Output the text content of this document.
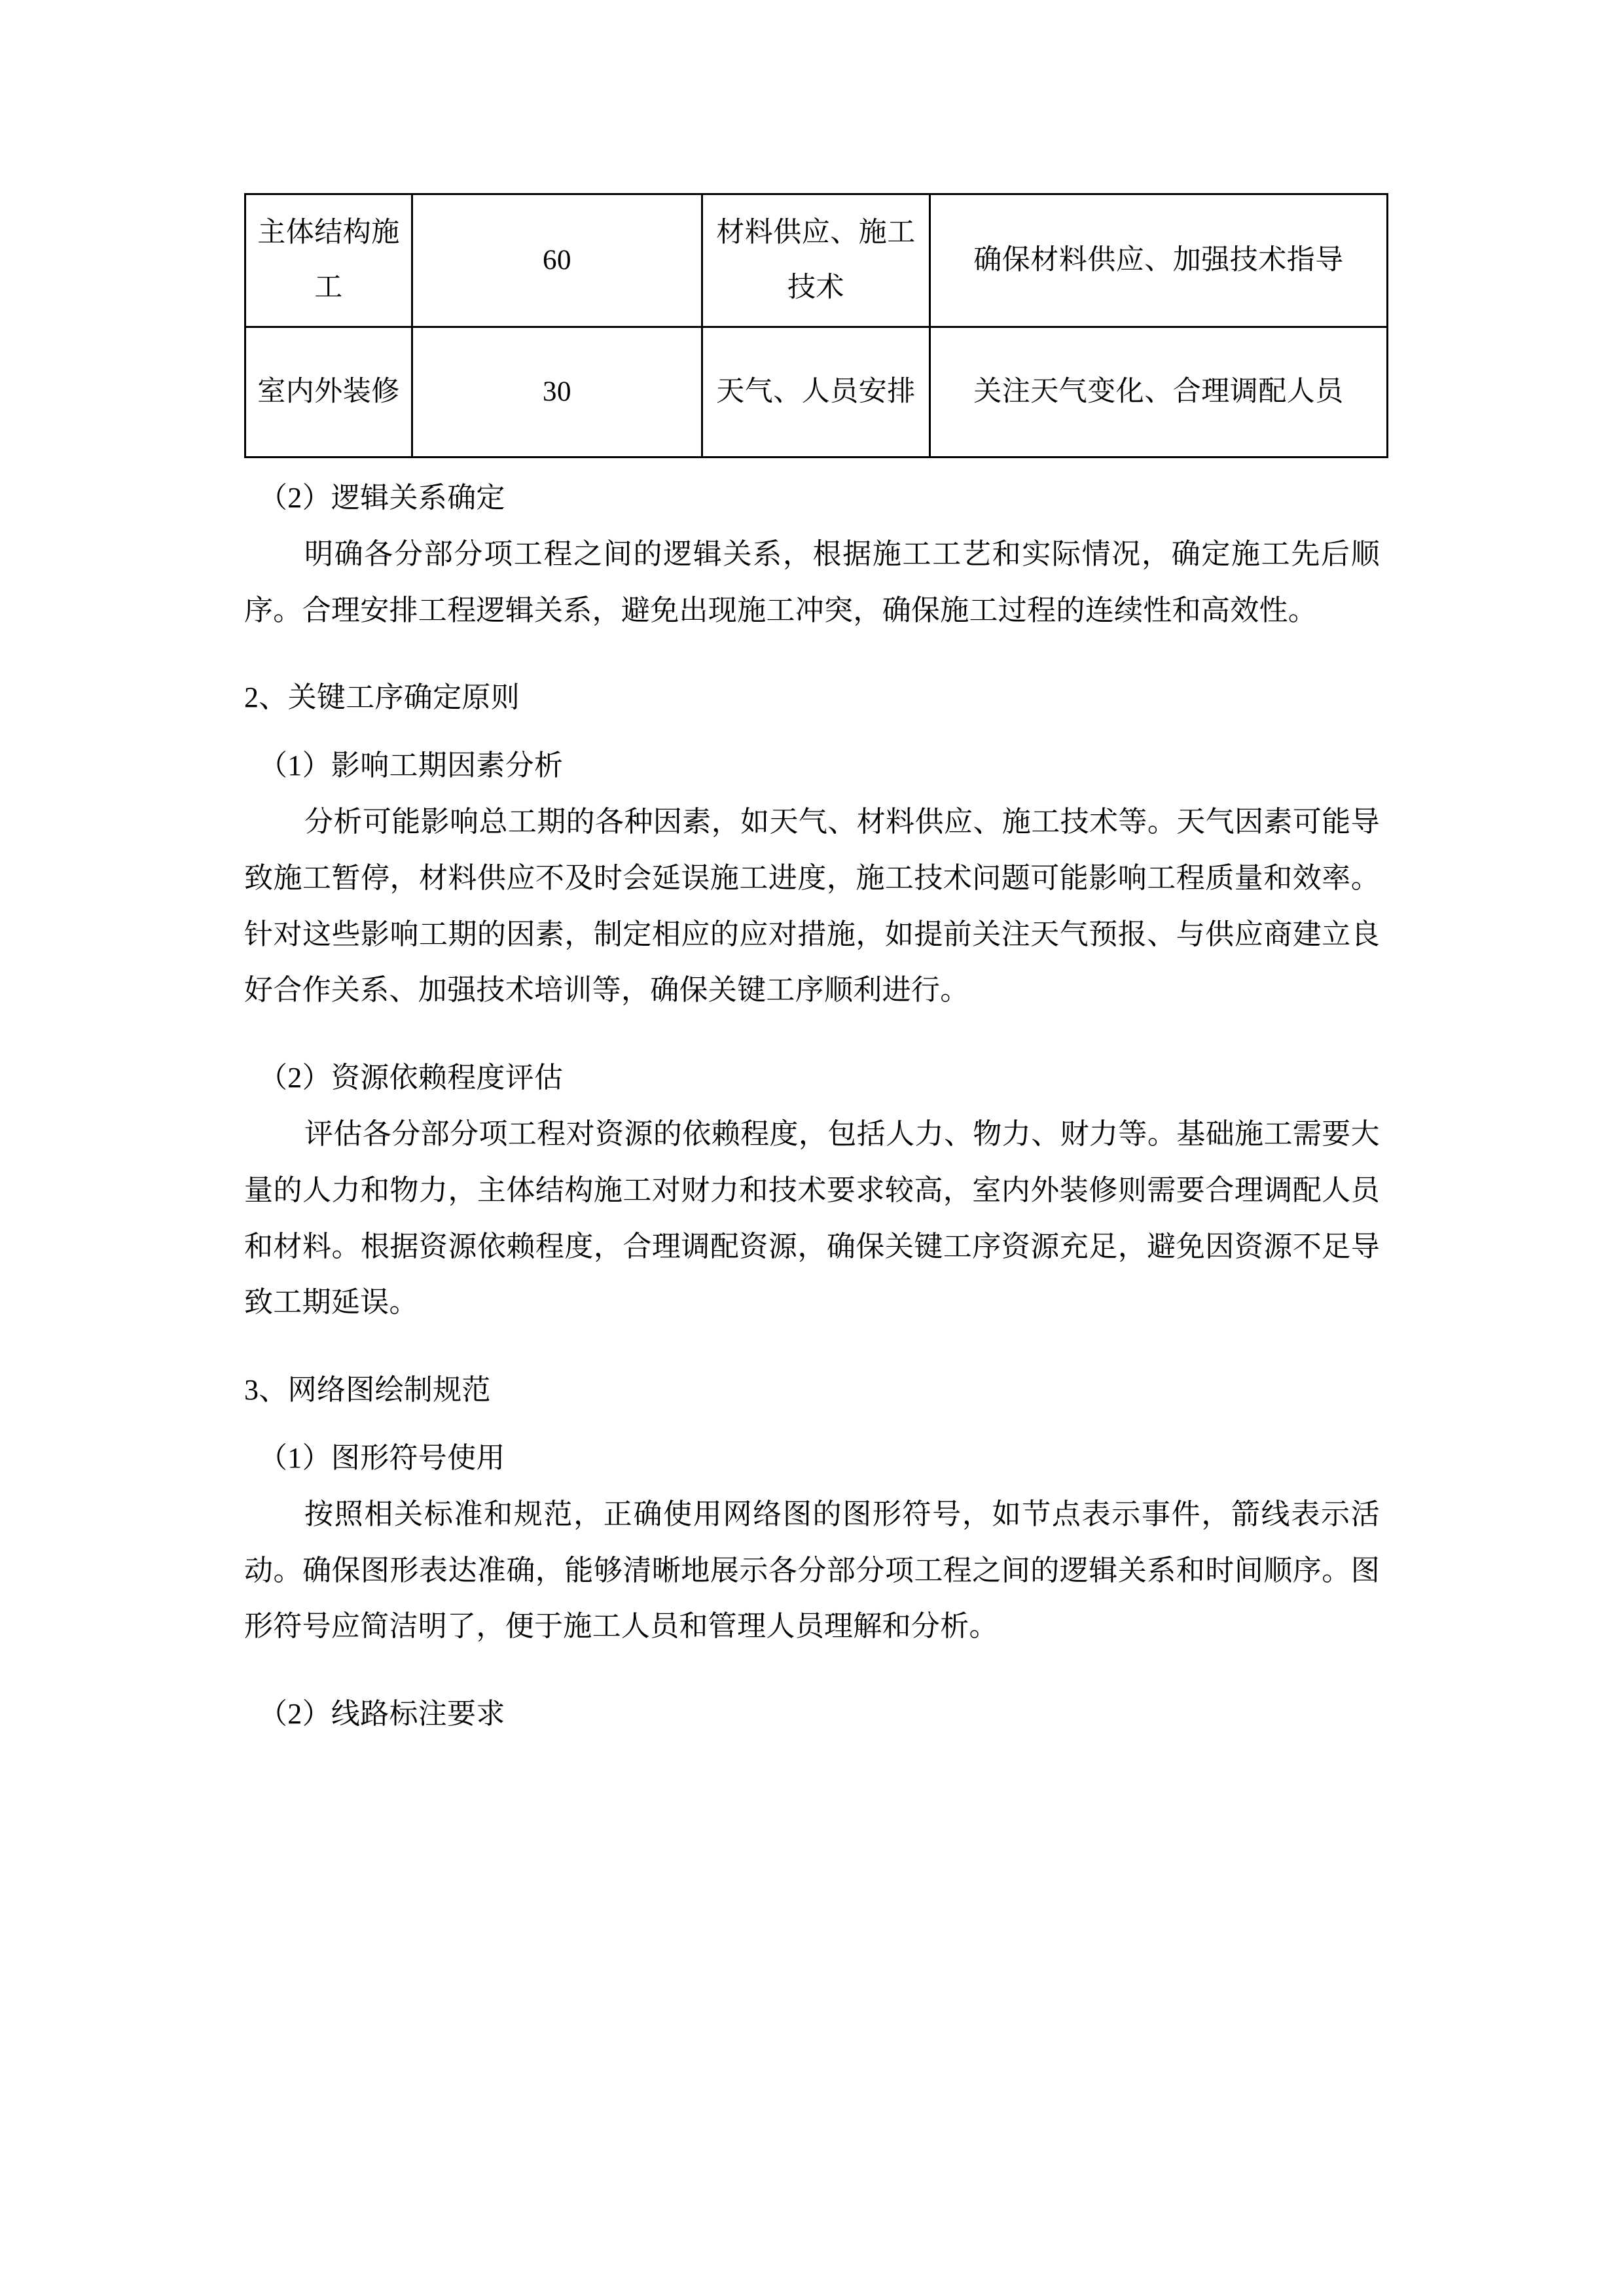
主体结构施工	60	材料供应、施工技术	确保材料供应、加强技术指导

室内外装修	30	天气、人员安排	关注天气变化、合理调配人员

（2）逻辑关系确定

明确各分部分项工程之间的逻辑关系，根据施工工艺和实际情况，确定施工先后顺序。合理安排工程逻辑关系，避免出现施工冲突，确保施工过程的连续性和高效性。

2、关键工序确定原则

（1）影响工期因素分析

分析可能影响总工期的各种因素，如天气、材料供应、施工技术等。天气因素可能导致施工暂停，材料供应不及时会延误施工进度，施工技术问题可能影响工程质量和效率。针对这些影响工期的因素，制定相应的应对措施，如提前关注天气预报、与供应商建立良好合作关系、加强技术培训等，确保关键工序顺利进行。

（2）资源依赖程度评估

评估各分部分项工程对资源的依赖程度，包括人力、物力、财力等。基础施工需要大量的人力和物力，主体结构施工对财力和技术要求较高，室内外装修则需要合理调配人员和材料。根据资源依赖程度，合理调配资源，确保关键工序资源充足，避免因资源不足导致工期延误。

3、网络图绘制规范

（1）图形符号使用

按照相关标准和规范，正确使用网络图的图形符号，如节点表示事件，箭线表示活动。确保图形表达准确，能够清晰地展示各分部分项工程之间的逻辑关系和时间顺序。图形符号应简洁明了，便于施工人员和管理人员理解和分析。

（2）线路标注要求
